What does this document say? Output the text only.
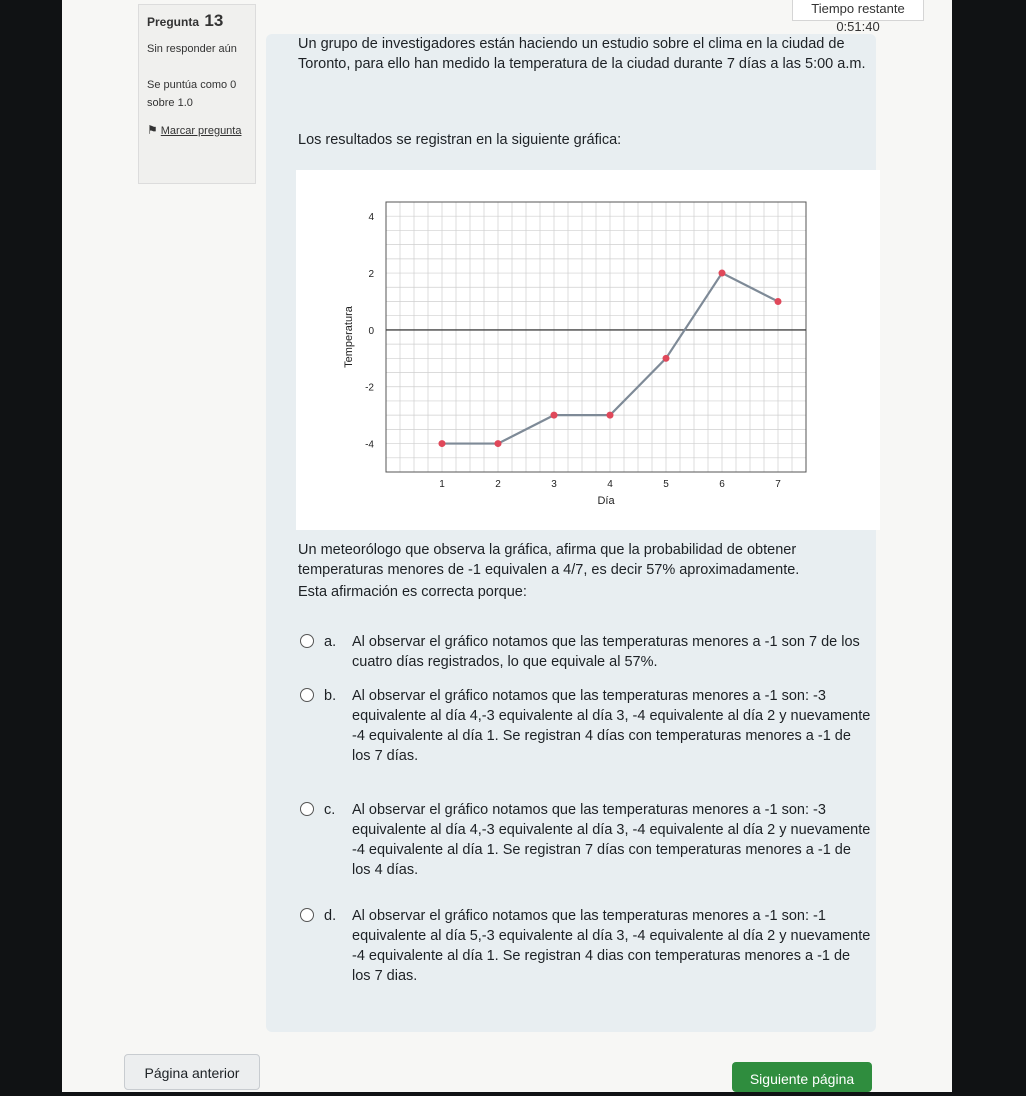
Tiempo restante 0:51:40
Pregunta 13
Sin responder aún
Se puntúa como 0 sobre 1.0
⚑ Marcar pregunta
Un grupo de investigadores están haciendo un estudio sobre el clima en la ciudad de Toronto, para ello han medido la temperatura de la ciudad durante 7 días a las 5:00 a.m.
Los resultados se registran en la siguiente gráfica:
4
2
0
-2
-4
1	2	3	4	5	6	7
Día
Temperatura
Un meteorólogo que observa la gráfica, afirma que la probabilidad de obtener temperaturas menores de -1 equivalen a 4/7, es decir 57% aproximadamente.
Esta afirmación es correcta porque:
a. Al observar el gráfico notamos que las temperaturas menores a -1 son 7 de los cuatro días registrados, lo que equivale al 57%.
b. Al observar el gráfico notamos que las temperaturas menores a -1 son: -3 equivalente al día 4,-3 equivalente al día 3, -4 equivalente al día 2 y nuevamente -4 equivalente al día 1. Se registran 4 días con temperaturas menores a -1 de los 7 días.
c. Al observar el gráfico notamos que las temperaturas menores a -1 son: -3 equivalente al día 4,-3 equivalente al día 3, -4 equivalente al día 2 y nuevamente -4 equivalente al día 1. Se registran 7 días con temperaturas menores a -1 de los 4 días.
d. Al observar el gráfico notamos que las temperaturas menores a -1 son: -1 equivalente al día 5,-3 equivalente al día 3, -4 equivalente al día 2 y nuevamente -4 equivalente al día 1. Se registran 4 dias con temperaturas menores a -1 de los 7 dias.
Página anterior	Siguiente página
